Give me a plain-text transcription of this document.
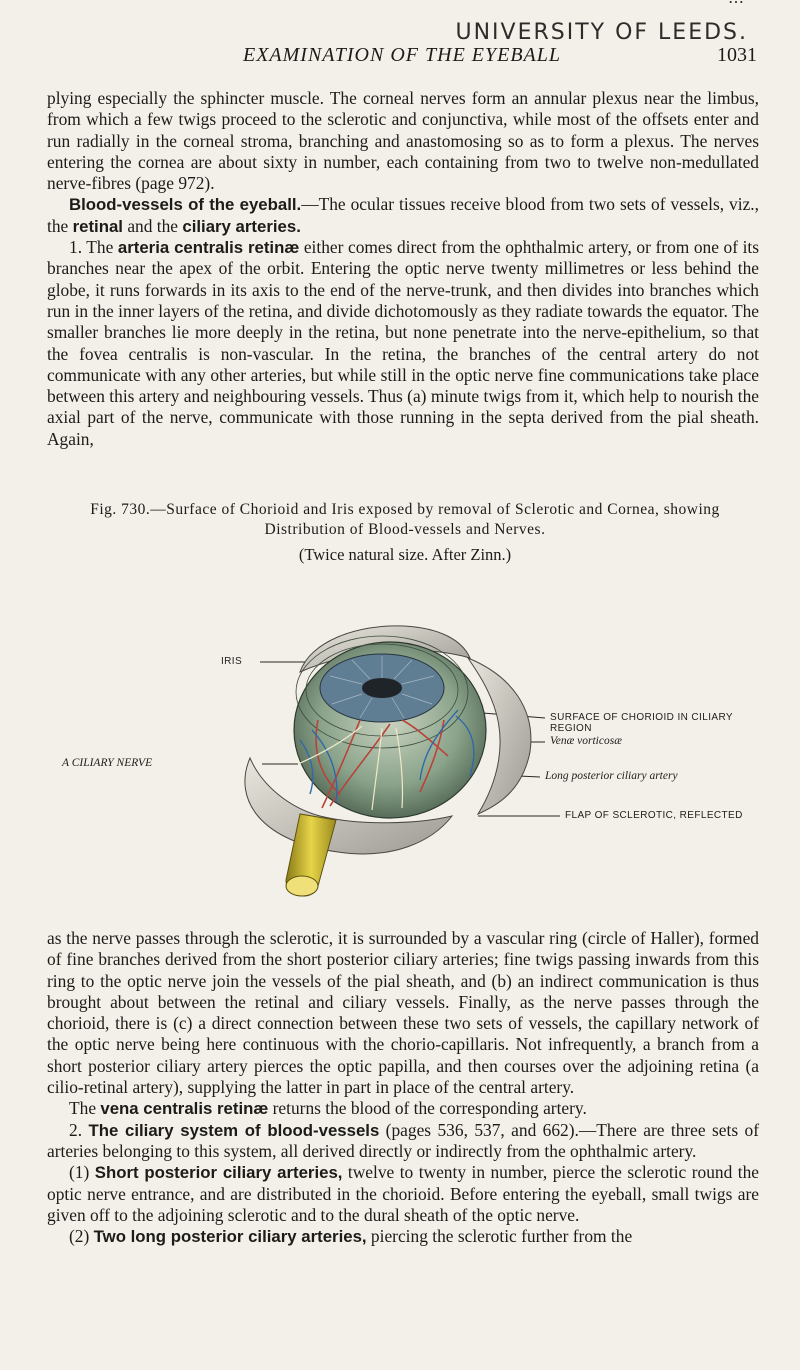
UNIVERSITY OF LEEDS.
EXAMINATION OF THE EYEBALL	1031

plying especially the sphincter muscle. The corneal nerves form an annular plexus near the limbus, from which a few twigs proceed to the sclerotic and conjunctiva, while most of the offsets enter and run radially in the corneal stroma, branching and anastomosing so as to form a plexus. The nerves entering the cornea are about sixty in number, each containing from two to twelve non-medullated nerve-fibres (page 972).

Blood-vessels of the eyeball.—The ocular tissues receive blood from two sets of vessels, viz., the retinal and the ciliary arteries.

1. The arteria centralis retinæ either comes direct from the ophthalmic artery, or from one of its branches near the apex of the orbit. Entering the optic nerve twenty millimetres or less behind the globe, it runs forwards in its axis to the end of the nerve-trunk, and then divides into branches which run in the inner layers of the retina, and divide dichotomously as they radiate towards the equator. The smaller branches lie more deeply in the retina, but none penetrate into the nerve-epithelium, so that the fovea centralis is non-vascular. In the retina, the branches of the central artery do not communicate with any other arteries, but while still in the optic nerve fine communications take place between this artery and neighbouring vessels. Thus (a) minute twigs from it, which help to nourish the axial part of the nerve, communicate with those running in the septa derived from the pial sheath. Again,

Fig. 730.—Surface of Chorioid and Iris exposed by removal of Sclerotic and Cornea, showing Distribution of Blood-vessels and Nerves.
(Twice natural size. After Zinn.)
IRIS
A CILIARY NERVE
SURFACE OF CHORIOID IN CILIARY REGION
Venæ vorticosæ
Long posterior ciliary artery
FLAP OF SCLEROTIC, REFLECTED

as the nerve passes through the sclerotic, it is surrounded by a vascular ring (circle of Haller), formed of fine branches derived from the short posterior ciliary arteries; fine twigs passing inwards from this ring to the optic nerve join the vessels of the pial sheath, and (b) an indirect communication is thus brought about between the retinal and ciliary vessels. Finally, as the nerve passes through the chorioid, there is (c) a direct connection between these two sets of vessels, the capillary network of the optic nerve being here continuous with the chorio-capillaris. Not infrequently, a branch from a short posterior ciliary artery pierces the optic papilla, and then courses over the adjoining retina (a cilio-retinal artery), supplying the latter in part in place of the central artery.

The vena centralis retinæ returns the blood of the corresponding artery.

2. The ciliary system of blood-vessels (pages 536, 537, and 662).—There are three sets of arteries belonging to this system, all derived directly or indirectly from the ophthalmic artery.

(1) Short posterior ciliary arteries, twelve to twenty in number, pierce the sclerotic round the optic nerve entrance, and are distributed in the chorioid. Before entering the eyeball, small twigs are given off to the adjoining sclerotic and to the dural sheath of the optic nerve.

(2) Two long posterior ciliary arteries, piercing the sclerotic further from the
